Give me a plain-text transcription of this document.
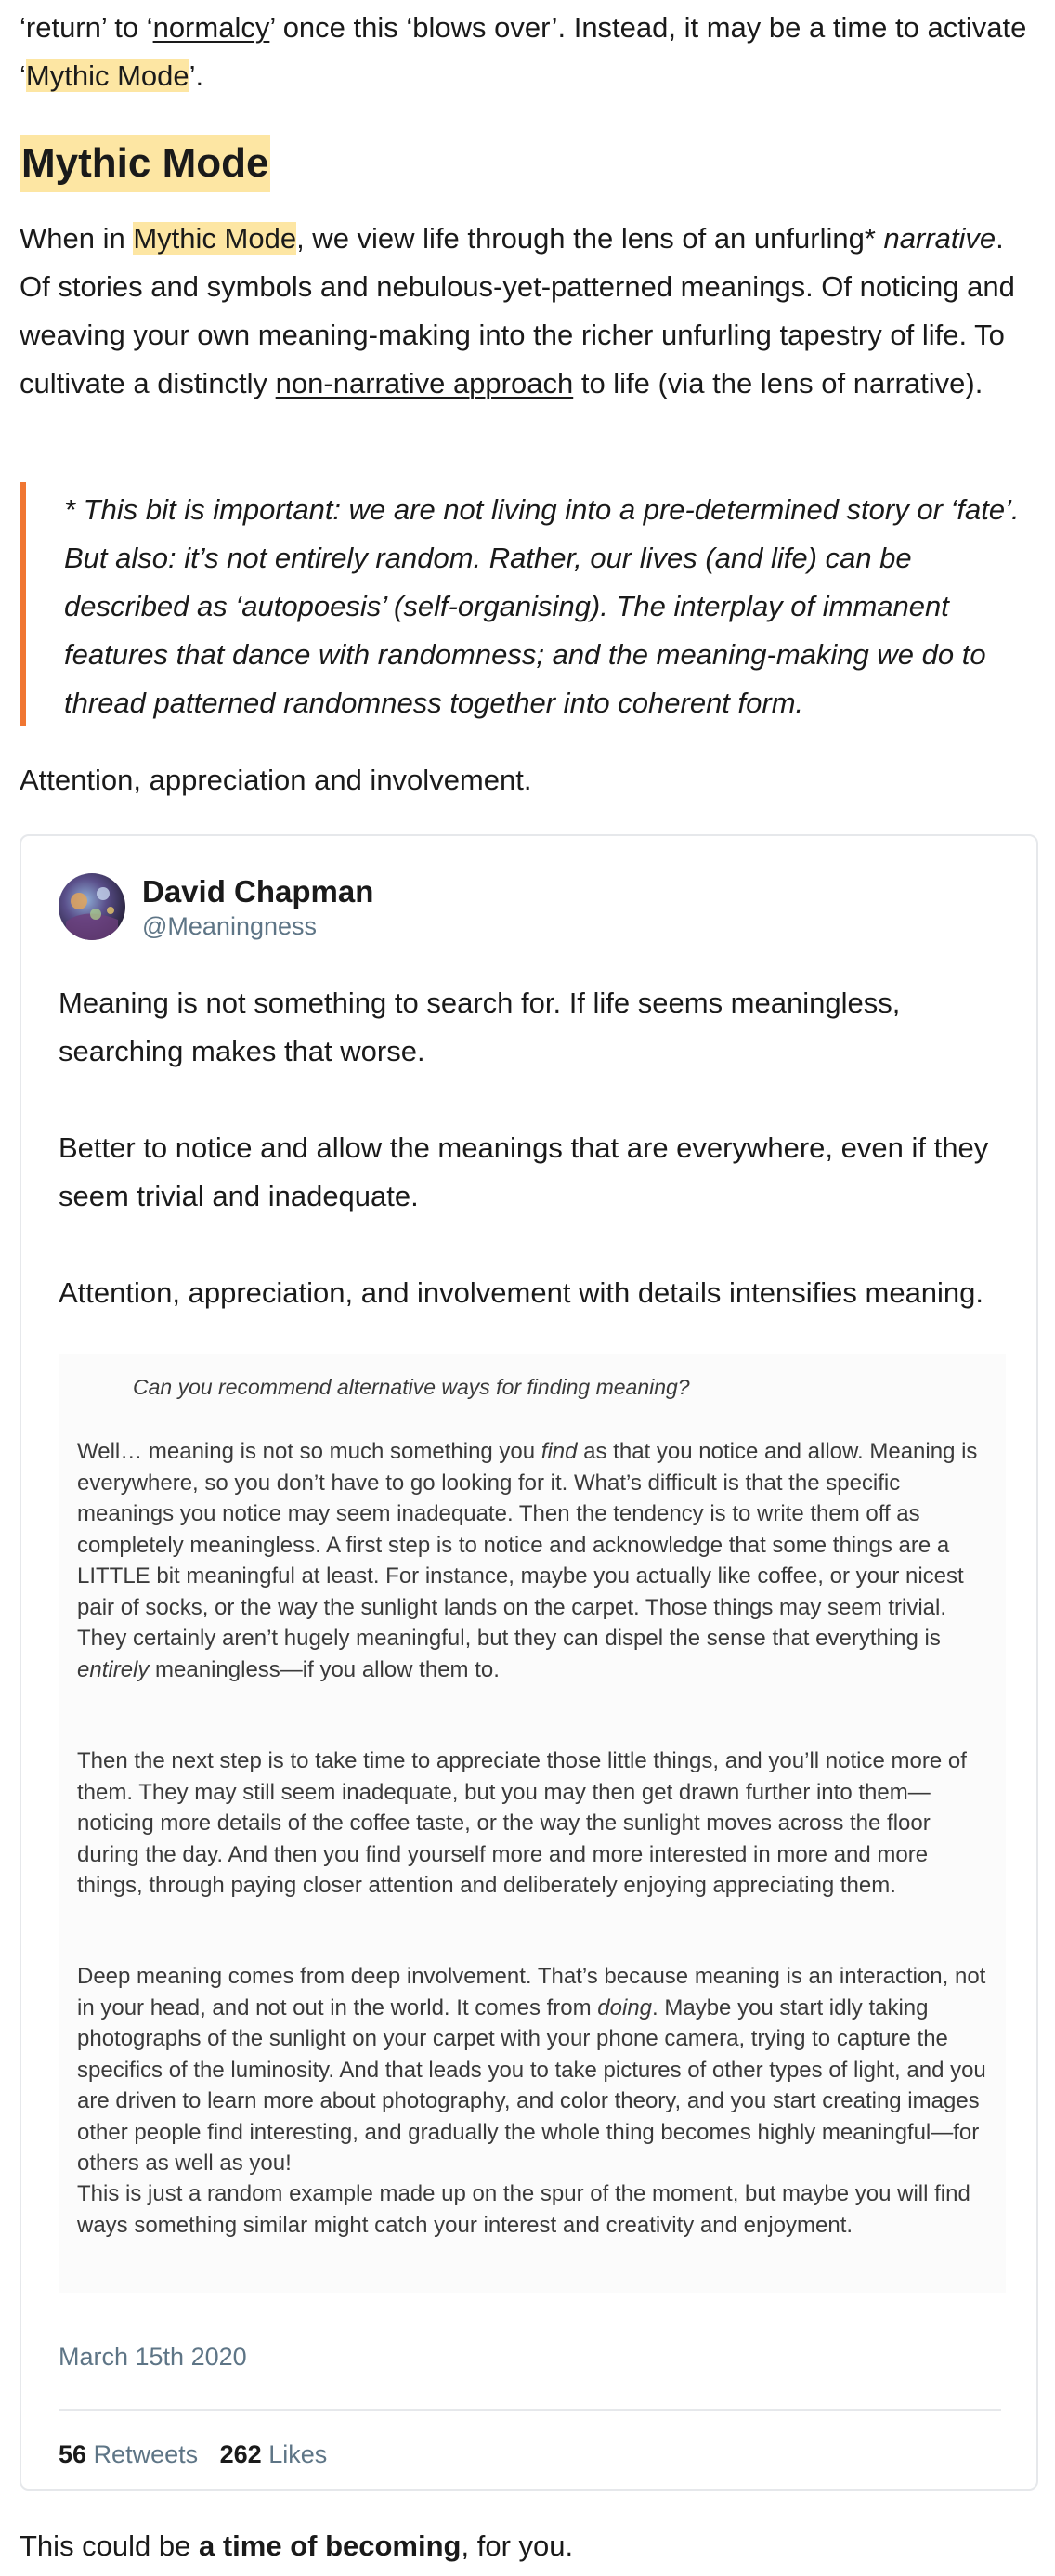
‘return’ to ‘normalcy’ once this ‘blows over’. Instead, it may be a time to activate ‘Mythic Mode’.

Mythic Mode

When in Mythic Mode, we view life through the lens of an unfurling* narrative. Of stories and symbols and nebulous-yet-patterned meanings. Of noticing and weaving your own meaning-making into the richer unfurling tapestry of life. To cultivate a distinctly non-narrative approach to life (via the lens of narrative).

* This bit is important: we are not living into a pre-determined story or ‘fate’. But also: it’s not entirely random. Rather, our lives (and life) can be described as ‘autopoesis’ (self-organising). The interplay of immanent features that dance with randomness; and the meaning-making we do to thread patterned randomness together into coherent form.

Attention, appreciation and involvement.

David Chapman
@Meaningness

Meaning is not something to search for. If life seems meaningless, searching makes that worse.

Better to notice and allow the meanings that are everywhere, even if they seem trivial and inadequate.

Attention, appreciation, and involvement with details intensifies meaning.

Can you recommend alternative ways for finding meaning?

Well… meaning is not so much something you find as that you notice and allow. Meaning is everywhere, so you don’t have to go looking for it. What’s difficult is that the specific meanings you notice may seem inadequate. Then the tendency is to write them off as completely meaningless. A first step is to notice and acknowledge that some things are a LITTLE bit meaningful at least. For instance, maybe you actually like coffee, or your nicest pair of socks, or the way the sunlight lands on the carpet. Those things may seem trivial. They certainly aren’t hugely meaningful, but they can dispel the sense that everything is entirely meaningless—if you allow them to.

Then the next step is to take time to appreciate those little things, and you’ll notice more of them. They may still seem inadequate, but you may then get drawn further into them—noticing more details of the coffee taste, or the way the sunlight moves across the floor during the day. And then you find yourself more and more interested in more and more things, through paying closer attention and deliberately enjoying appreciating them.

Deep meaning comes from deep involvement. That’s because meaning is an interaction, not in your head, and not out in the world. It comes from doing. Maybe you start idly taking photographs of the sunlight on your carpet with your phone camera, trying to capture the specifics of the luminosity. And that leads you to take pictures of other types of light, and you are driven to learn more about photography, and color theory, and you start creating images other people find interesting, and gradually the whole thing becomes highly meaningful—for others as well as you!

This is just a random example made up on the spur of the moment, but maybe you will find ways something similar might catch your interest and creativity and enjoyment.

March 15th 2020
56 Retweets 262 Likes

This could be a time of becoming, for you.
